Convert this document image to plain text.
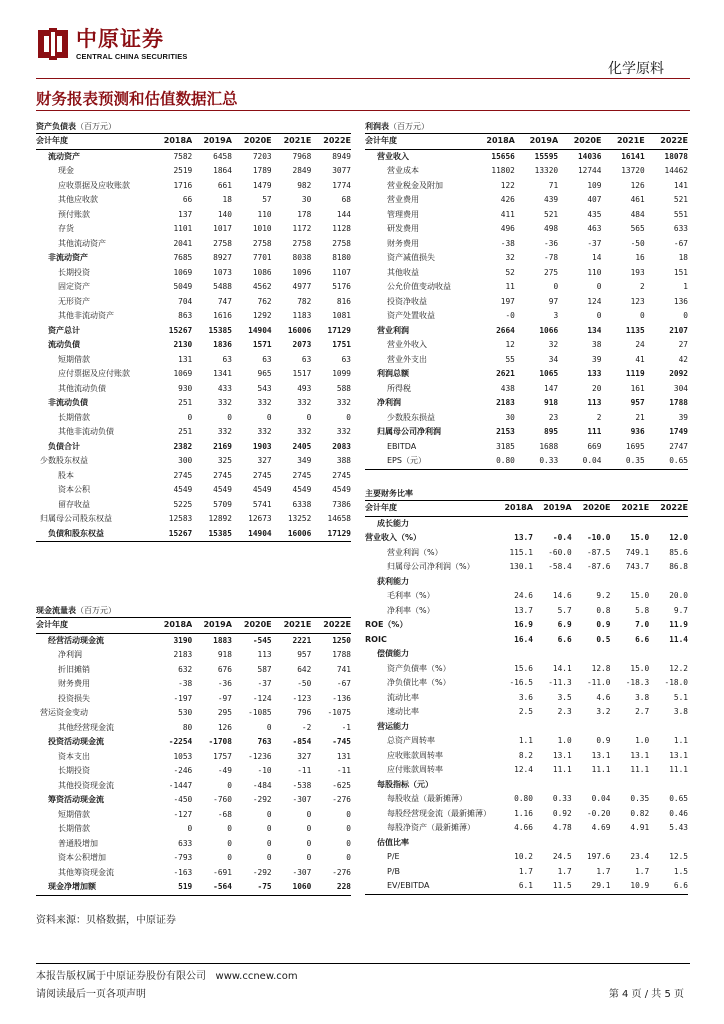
中原证券
CENTRAL CHINA SECURITIES
化学原料
财务报表预测和估值数据汇总
资产负债表（百万元）
会计年度	2018A	2019A	2020E	2021E	2022E
流动资产	7582	6458	7203	7968	8949
现金	2519	1864	1789	2849	3077
应收票据及应收账款	1716	661	1479	982	1774
其他应收款	66	18	57	30	68
预付账款	137	140	110	178	144
存货	1101	1017	1010	1172	1128
其他流动资产	2041	2758	2758	2758	2758
非流动资产	7685	8927	7701	8038	8180
长期投资	1069	1073	1086	1096	1107
固定资产	5049	5488	4562	4977	5176
无形资产	704	747	762	782	816
其他非流动资产	863	1616	1292	1183	1081
资产总计	15267	15385	14904	16006	17129
流动负债	2130	1836	1571	2073	1751
短期借款	131	63	63	63	63
应付票据及应付账款	1069	1341	965	1517	1099
其他流动负债	930	433	543	493	588
非流动负债	251	332	332	332	332
长期借款	0	0	0	0	0
其他非流动负债	251	332	332	332	332
负债合计	2382	2169	1903	2405	2083
少数股东权益	300	325	327	349	388
股本	2745	2745	2745	2745	2745
资本公积	4549	4549	4549	4549	4549
留存收益	5225	5709	5741	6338	7386
归属母公司股东权益	12583	12892	12673	13252	14658
负债和股东权益	15267	15385	14904	16006	17129
利润表（百万元）
会计年度	2018A	2019A	2020E	2021E	2022E
营业收入	15656	15595	14036	16141	18078
营业成本	11802	13320	12744	13720	14462
营业税金及附加	122	71	109	126	141
营业费用	426	439	407	461	521
管理费用	411	521	435	484	551
研发费用	496	498	463	565	633
财务费用	-38	-36	-37	-50	-67
资产减值损失	32	-78	14	16	18
其他收益	52	275	110	193	151
公允价值变动收益	11	0	0	2	1
投资净收益	197	97	124	123	136
资产处置收益	-0	3	0	0	0
营业利润	2664	1066	134	1135	2107
营业外收入	12	32	38	24	27
营业外支出	55	34	39	41	42
利润总额	2621	1065	133	1119	2092
所得税	438	147	20	161	304
净利润	2183	918	113	957	1788
少数股东损益	30	23	2	21	39
归属母公司净利润	2153	895	111	936	1749
EBITDA	3185	1688	669	1695	2747
EPS（元）	0.80	0.33	0.04	0.35	0.65
主要财务比率
会计年度	2018A	2019A	2020E	2021E	2022E
成长能力					
营业收入（%）	13.7	-0.4	-10.0	15.0	12.0
营业利润（%）	115.1	-60.0	-87.5	749.1	85.6
归属母公司净利润（%）	130.1	-58.4	-87.6	743.7	86.8
获利能力					
毛利率（%）	24.6	14.6	9.2	15.0	20.0
净利率（%）	13.7	5.7	0.8	5.8	9.7
ROE（%）	16.9	6.9	0.9	7.0	11.9
ROIC	16.4	6.6	0.5	6.6	11.4
偿债能力					
资产负债率（%）	15.6	14.1	12.8	15.0	12.2
净负债比率（%）	-16.5	-11.3	-11.0	-18.3	-18.0
流动比率	3.6	3.5	4.6	3.8	5.1
速动比率	2.5	2.3	3.2	2.7	3.8
营运能力					
总资产周转率	1.1	1.0	0.9	1.0	1.1
应收账款周转率	8.2	13.1	13.1	13.1	13.1
应付账款周转率	12.4	11.1	11.1	11.1	11.1
每股指标（元）					
每股收益（最新摊薄）	0.80	0.33	0.04	0.35	0.65
每股经营现金流（最新摊薄）	1.16	0.92	-0.20	0.82	0.46
每股净资产（最新摊薄）	4.66	4.78	4.69	4.91	5.43
估值比率					
P/E	10.2	24.5	197.6	23.4	12.5
P/B	1.7	1.7	1.7	1.7	1.5
EV/EBITDA	6.1	11.5	29.1	10.9	6.6
现金流量表（百万元）
会计年度	2018A	2019A	2020E	2021E	2022E
经营活动现金流	3190	1883	-545	2221	1250
净利润	2183	918	113	957	1788
折旧摊销	632	676	587	642	741
财务费用	-38	-36	-37	-50	-67
投资损失	-197	-97	-124	-123	-136
营运资金变动	530	295	-1085	796	-1075
其他经营现金流	80	126	0	-2	-1
投资活动现金流	-2254	-1708	763	-854	-745
资本支出	1053	1757	-1236	327	131
长期投资	-246	-49	-10	-11	-11
其他投资现金流	-1447	0	-484	-538	-625
筹资活动现金流	-450	-760	-292	-307	-276
短期借款	-127	-68	0	0	0
长期借款	0	0	0	0	0
普通股增加	633	0	0	0	0
资本公积增加	-793	0	0	0	0
其他筹资现金流	-163	-691	-292	-307	-276
现金净增加额	519	-564	-75	1060	228
资料来源：贝格数据，中原证券
本报告版权属于中原证券股份有限公司 www.ccnew.com
请阅读最后一页各项声明	第 4 页 / 共 5 页
